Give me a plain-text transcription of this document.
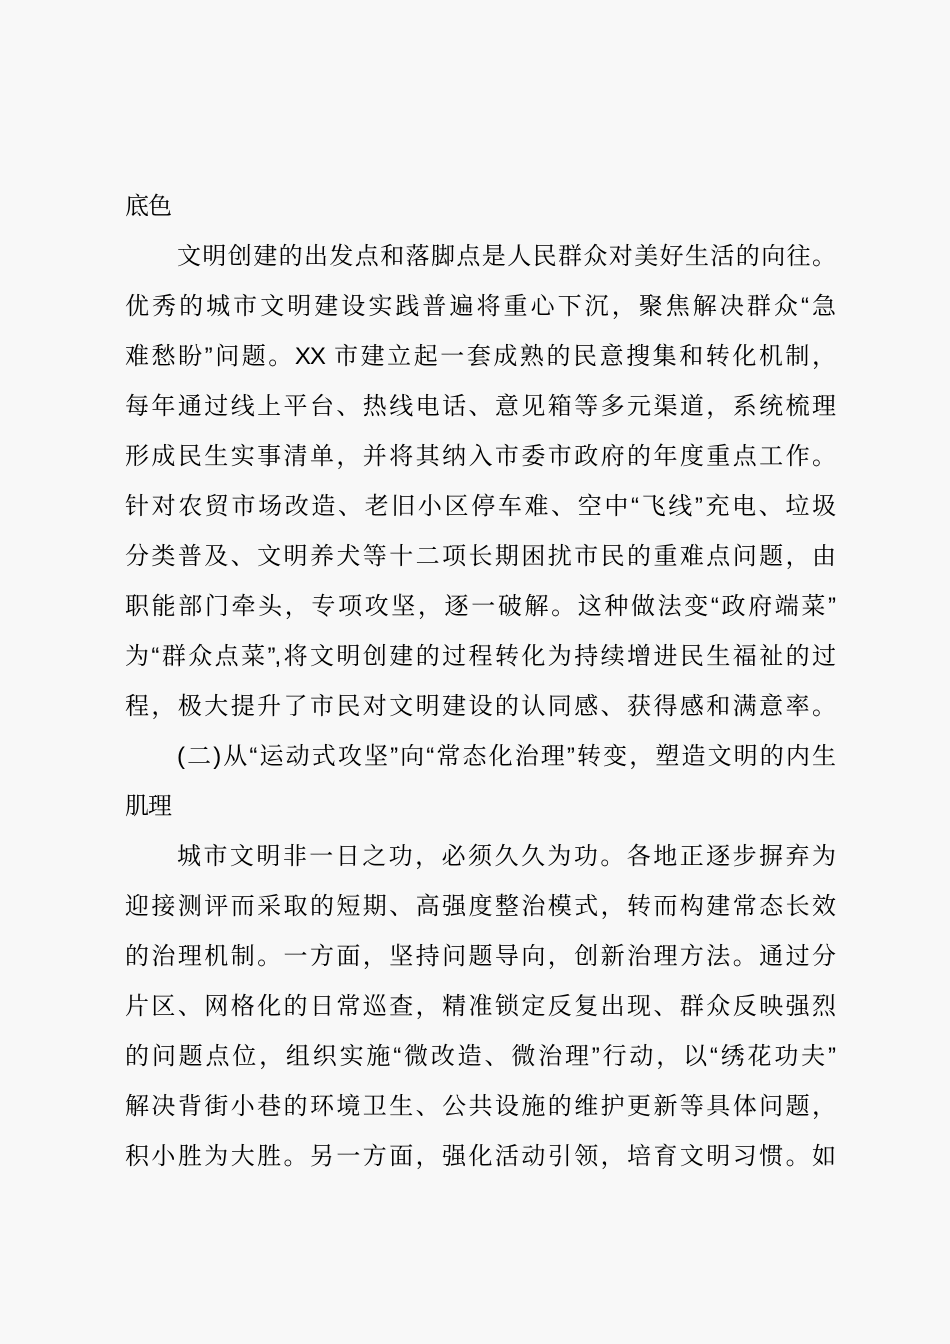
底色
文明创建的出发点和落脚点是人民群众对美好生活的向往。
优秀的城市文明建设实践普遍将重心下沉，聚焦解决群众“急
难愁盼”问题。XX 市建立起一套成熟的民意搜集和转化机制，
每年通过线上平台、热线电话、意见箱等多元渠道，系统梳理
形成民生实事清单，并将其纳入市委市政府的年度重点工作。
针对农贸市场改造、老旧小区停车难、空中“飞线”充电、垃圾
分类普及、文明养犬等十二项长期困扰市民的重难点问题，由
职能部门牵头，专项攻坚，逐一破解。这种做法变“政府端菜”
为“群众点菜”,将文明创建的过程转化为持续增进民生福祉的过
程，极大提升了市民对文明建设的认同感、获得感和满意率。
(二)从“运动式攻坚”向“常态化治理”转变，塑造文明的内生
肌理
城市文明非一日之功，必须久久为功。各地正逐步摒弃为
迎接测评而采取的短期、高强度整治模式，转而构建常态长效
的治理机制。一方面，坚持问题导向，创新治理方法。通过分
片区、网格化的日常巡查，精准锁定反复出现、群众反映强烈
的问题点位，组织实施“微改造、微治理”行动，以“绣花功夫”
解决背街小巷的环境卫生、公共设施的维护更新等具体问题，
积小胜为大胜。另一方面，强化活动引领，培育文明习惯。如
